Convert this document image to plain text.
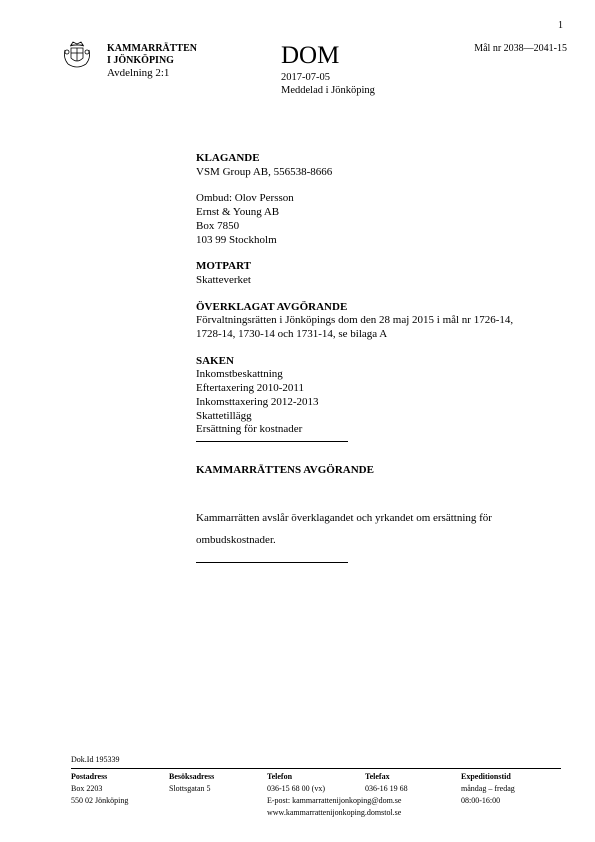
1
KAMMARRÄTTEN
I JÖNKÖPING
Avdelning 2:1
DOM
2017-07-05
Meddelad i Jönköping
Mål nr 2038—2041-15
KLAGANDE
VSM Group AB, 556538-8666
Ombud: Olov Persson
Ernst & Young AB
Box 7850
103 99 Stockholm
MOTPART
Skatteverket
ÖVERKLAGAT AVGÖRANDE
Förvaltningsrätten i Jönköpings dom den 28 maj 2015 i mål nr 1726-14,
1728-14, 1730-14 och 1731-14, se bilaga A
SAKEN
Inkomstbeskattning
Eftertaxering 2010-2011
Inkomsttaxering 2012-2013
Skattetillägg
Ersättning för kostnader
KAMMARRÄTTENS AVGÖRANDE
Kammarrätten avslår överklagandet och yrkandet om ersättning för
ombudskostnader.
Dok.Id 195339
Postadress
Box 2203
550 02 Jönköping
Besöksadress
Slottsgatan 5
Telefon
036-15 68 00 (vx)
E-post: kammarrattenijonkoping@dom.se
www.kammarrattenijonkoping.domstol.se
Telefax
036-16 19 68
Expeditionstid
måndag – fredag
08:00-16:00
